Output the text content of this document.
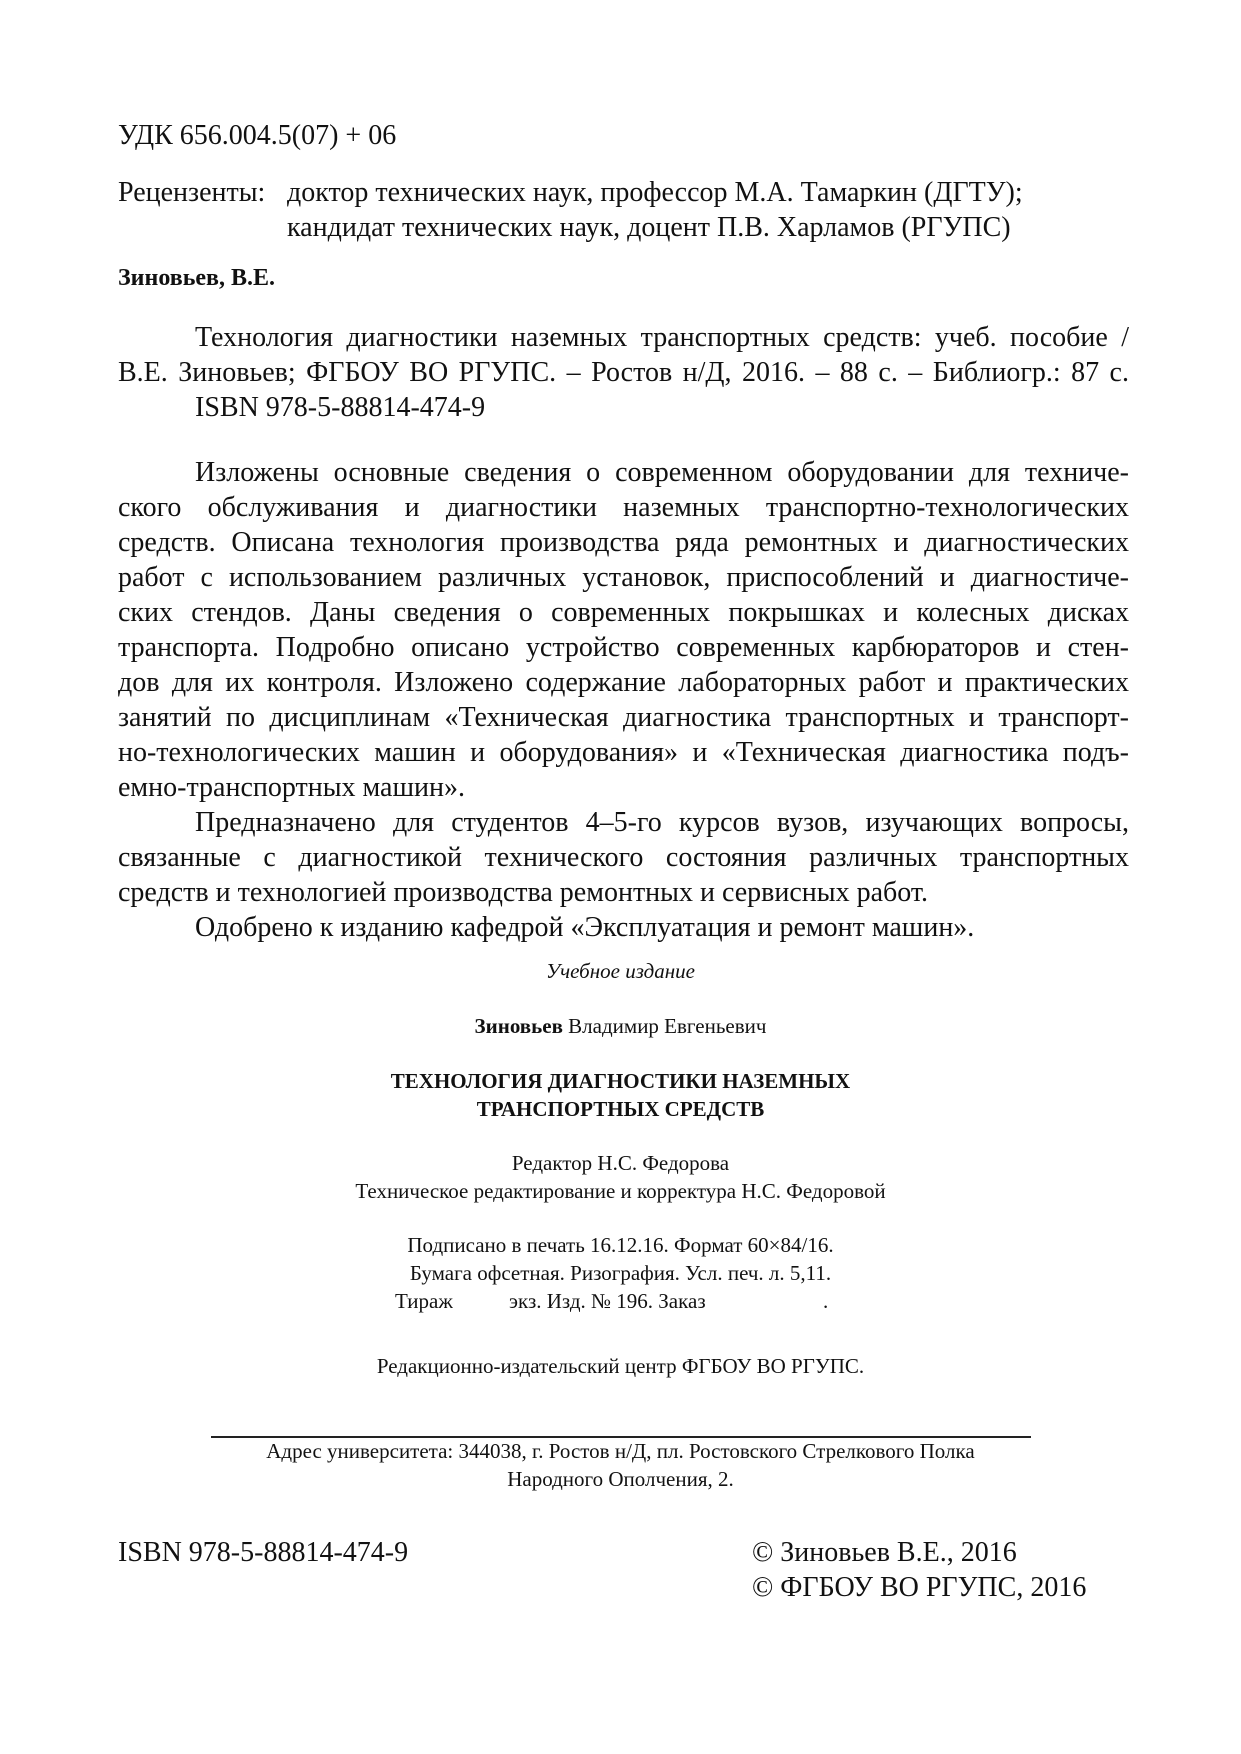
УДК 656.004.5(07) + 06
Рецензенты: доктор технических наук, профессор М.А. Тамаркин (ДГТУ);
кандидат технических наук, доцент П.В. Харламов (РГУПС)
Зиновьев, В.Е.
Технология диагностики наземных транспортных средств: учеб. пособие /
В.Е. Зиновьев; ФГБОУ ВО РГУПС. – Ростов н/Д, 2016. – 88 с. – Библиогр.: 87 с.
ISBN 978-5-88814-474-9
Изложены основные сведения о современном оборудовании для техниче-
ского обслуживания и диагностики наземных транспортно-технологических
средств. Описана технология производства ряда ремонтных и диагностических
работ с использованием различных установок, приспособлений и диагностиче-
ских стендов. Даны сведения о современных покрышках и колесных дисках
транспорта. Подробно описано устройство современных карбюраторов и стен-
дов для их контроля. Изложено содержание лабораторных работ и практических
занятий по дисциплинам «Техническая диагностика транспортных и транспорт-
но-технологических машин и оборудования» и «Техническая диагностика подъ-
емно-транспортных машин».
Предназначено для студентов 4–5-го курсов вузов, изучающих вопросы,
связанные с диагностикой технического состояния различных транспортных
средств и технологией производства ремонтных и сервисных работ.
Одобрено к изданию кафедрой «Эксплуатация и ремонт машин».
Учебное издание
Зиновьев Владимир Евгеньевич
ТЕХНОЛОГИЯ ДИАГНОСТИКИ НАЗЕМНЫХ
ТРАНСПОРТНЫХ СРЕДСТВ
Редактор Н.С. Федорова
Техническое редактирование и корректура Н.С. Федоровой
Подписано в печать 16.12.16. Формат 60×84/16.
Бумага офсетная. Ризография. Усл. печ. л. 5,11.
Тираж	экз. Изд. № 196. Заказ	.
Редакционно-издательский центр ФГБОУ ВО РГУПС.
Адрес университета: 344038, г. Ростов н/Д, пл. Ростовского Стрелкового Полка
Народного Ополчения, 2.
ISBN 978-5-88814-474-9	© Зиновьев В.Е., 2016
© ФГБОУ ВО РГУПС, 2016
